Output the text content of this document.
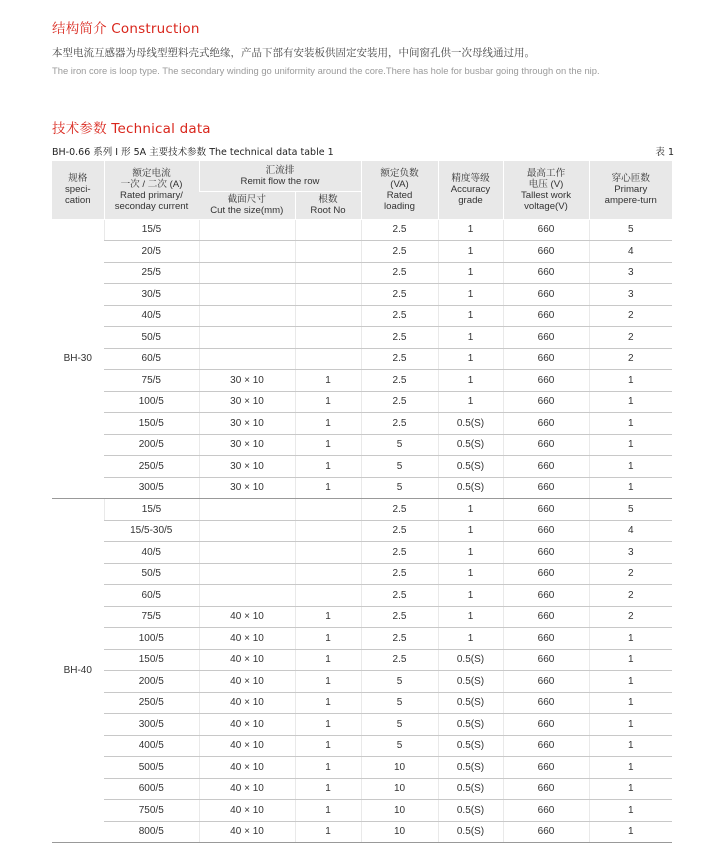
结构简介 Construction

本型电流互感器为母线型塑料壳式绝缘，产品下部有安装板供固定安装用，中间窗孔供一次母线通过用。

The iron core is loop type. The secondary winding go uniformity around the core.There has hole for busbar going through on the nip.

技术参数 Technical data
BH-0.66 系列 I 形 5A 主要技术参数 The technical data table 1	表 1
规格
speci-
cation	额定电流
一次 / 二次 (A)
Rated primary/
seconday current	汇流排
Remit flow the row		额定负数
(VA)
Rated
loading	精度等级
Accuracy
grade	最高工作
电压 (V)
Tallest work
voltage(V)	穿心匝数
Primary
ampere-turn

		截面尺寸
Cut the size(mm)	根数
Root No				

BH-30	15/5			2.5	1	660	5
	20/5			2.5	1	660	4
	25/5			2.5	1	660	3
	30/5			2.5	1	660	3
	40/5			2.5	1	660	2
	50/5			2.5	1	660	2
	60/5			2.5	1	660	2
	75/5	30 × 10	1	2.5	1	660	1
	100/5	30 × 10	1	2.5	1	660	1
	150/5	30 × 10	1	2.5	0.5(S)	660	1
	200/5	30 × 10	1	5	0.5(S)	660	1
	250/5	30 × 10	1	5	0.5(S)	660	1
	300/5	30 × 10	1	5	0.5(S)	660	1
BH-40	15/5			2.5	1	660	5
	15/5-30/5			2.5	1	660	4
	40/5			2.5	1	660	3
	50/5			2.5	1	660	2
	60/5			2.5	1	660	2
	75/5	40 × 10	1	2.5	1	660	2
	100/5	40 × 10	1	2.5	1	660	1
	150/5	40 × 10	1	2.5	0.5(S)	660	1
	200/5	40 × 10	1	5	0.5(S)	660	1
	250/5	40 × 10	1	5	0.5(S)	660	1
	300/5	40 × 10	1	5	0.5(S)	660	1
	400/5	40 × 10	1	5	0.5(S)	660	1
	500/5	40 × 10	1	10	0.5(S)	660	1
	600/5	40 × 10	1	10	0.5(S)	660	1
	750/5	40 × 10	1	10	0.5(S)	660	1
	800/5	40 × 10	1	10	0.5(S)	660	1
